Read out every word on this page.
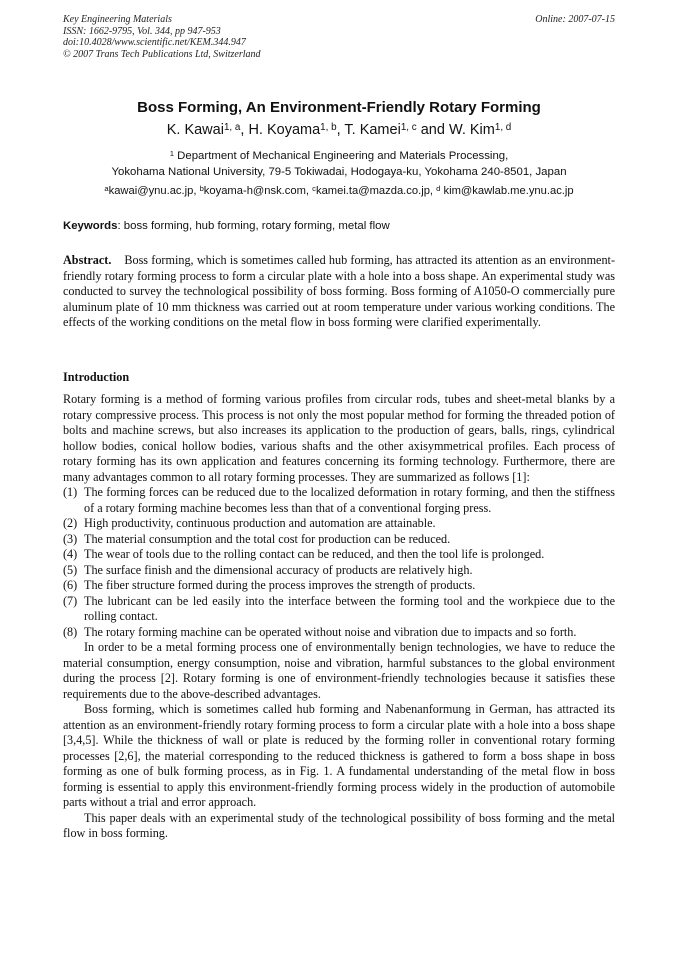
Key Engineering Materials
ISSN: 1662-9795, Vol. 344, pp 947-953
doi:10.4028/www.scientific.net/KEM.344.947
© 2007 Trans Tech Publications Ltd, Switzerland
Online: 2007-07-15
Boss Forming, An Environment-Friendly Rotary Forming
K. Kawai$^{1, a}$, H. Koyama$^{1, b}$, T. Kamei$^{1, c}$ and W. Kim$^{1, d}$
$^1$ Department of Mechanical Engineering and Materials Processing,
Yokohama National University, 79-5 Tokiwadai, Hodogaya-ku, Yokohama 240-8501, Japan
$^a$kawai@ynu.ac.jp, $^b$koyama-h@nsk.com, $^c$kamei.ta@mazda.co.jp, $^d$ kim@kawlab.me.ynu.ac.jp
Keywords: boss forming, hub forming, rotary forming, metal flow
Abstract. Boss forming, which is sometimes called hub forming, has attracted its attention as an environment-friendly rotary forming process to form a circular plate with a hole into a boss shape. An experimental study was conducted to survey the technological possibility of boss forming. Boss forming of A1050-O commercially pure aluminum plate of 10 mm thickness was carried out at room temperature under various working conditions. The effects of the working conditions on the metal flow in boss forming were clarified experimentally.
Introduction

Rotary forming is a method of forming various profiles from circular rods, tubes and sheet-metal blanks by a rotary compressive process. This process is not only the most popular method for forming the threaded potion of bolts and machine screws, but also increases its application to the production of gears, balls, rings, cylindrical hollow bodies, conical hollow bodies, various shafts and the other axisymmetrical profiles. Each process of rotary forming has its own application and features concerning its forming technology. Furthermore, there are many advantages common to all rotary forming processes. They are summarized as follows [1]:

(1) The forming forces can be reduced due to the localized deformation in rotary forming, and then the stiffness of a rotary forming machine becomes less than that of a conventional forging press.
(2) High productivity, continuous production and automation are attainable.
(3) The material consumption and the total cost for production can be reduced.
(4) The wear of tools due to the rolling contact can be reduced, and then the tool life is prolonged.
(5) The surface finish and the dimensional accuracy of products are relatively high.
(6) The fiber structure formed during the process improves the strength of products.
(7) The lubricant can be led easily into the interface between the forming tool and the workpiece due to the rolling contact.
(8) The rotary forming machine can be operated without noise and vibration due to impacts and so forth.

In order to be a metal forming process one of environmentally benign technologies, we have to reduce the material consumption, energy consumption, noise and vibration, harmful substances to the global environment during the process [2]. Rotary forming is one of environment-friendly technologies because it satisfies these requirements due to the above-described advantages.

Boss forming, which is sometimes called hub forming and Nabenanformung in German, has attracted its attention as an environment-friendly rotary forming process to form a circular plate with a hole into a boss shape [3,4,5]. While the thickness of wall or plate is reduced by the forming roller in conventional rotary forming processes [2,6], the material corresponding to the reduced thickness is gathered to form a boss shape in boss forming as one of bulk forming process, as in Fig. 1. A fundamental understanding of the metal flow in boss forming is essential to apply this environment-friendly forming process widely in the production of automobile parts without a trial and error approach.

This paper deals with an experimental study of the technological possibility of boss forming and the metal flow in boss forming.
